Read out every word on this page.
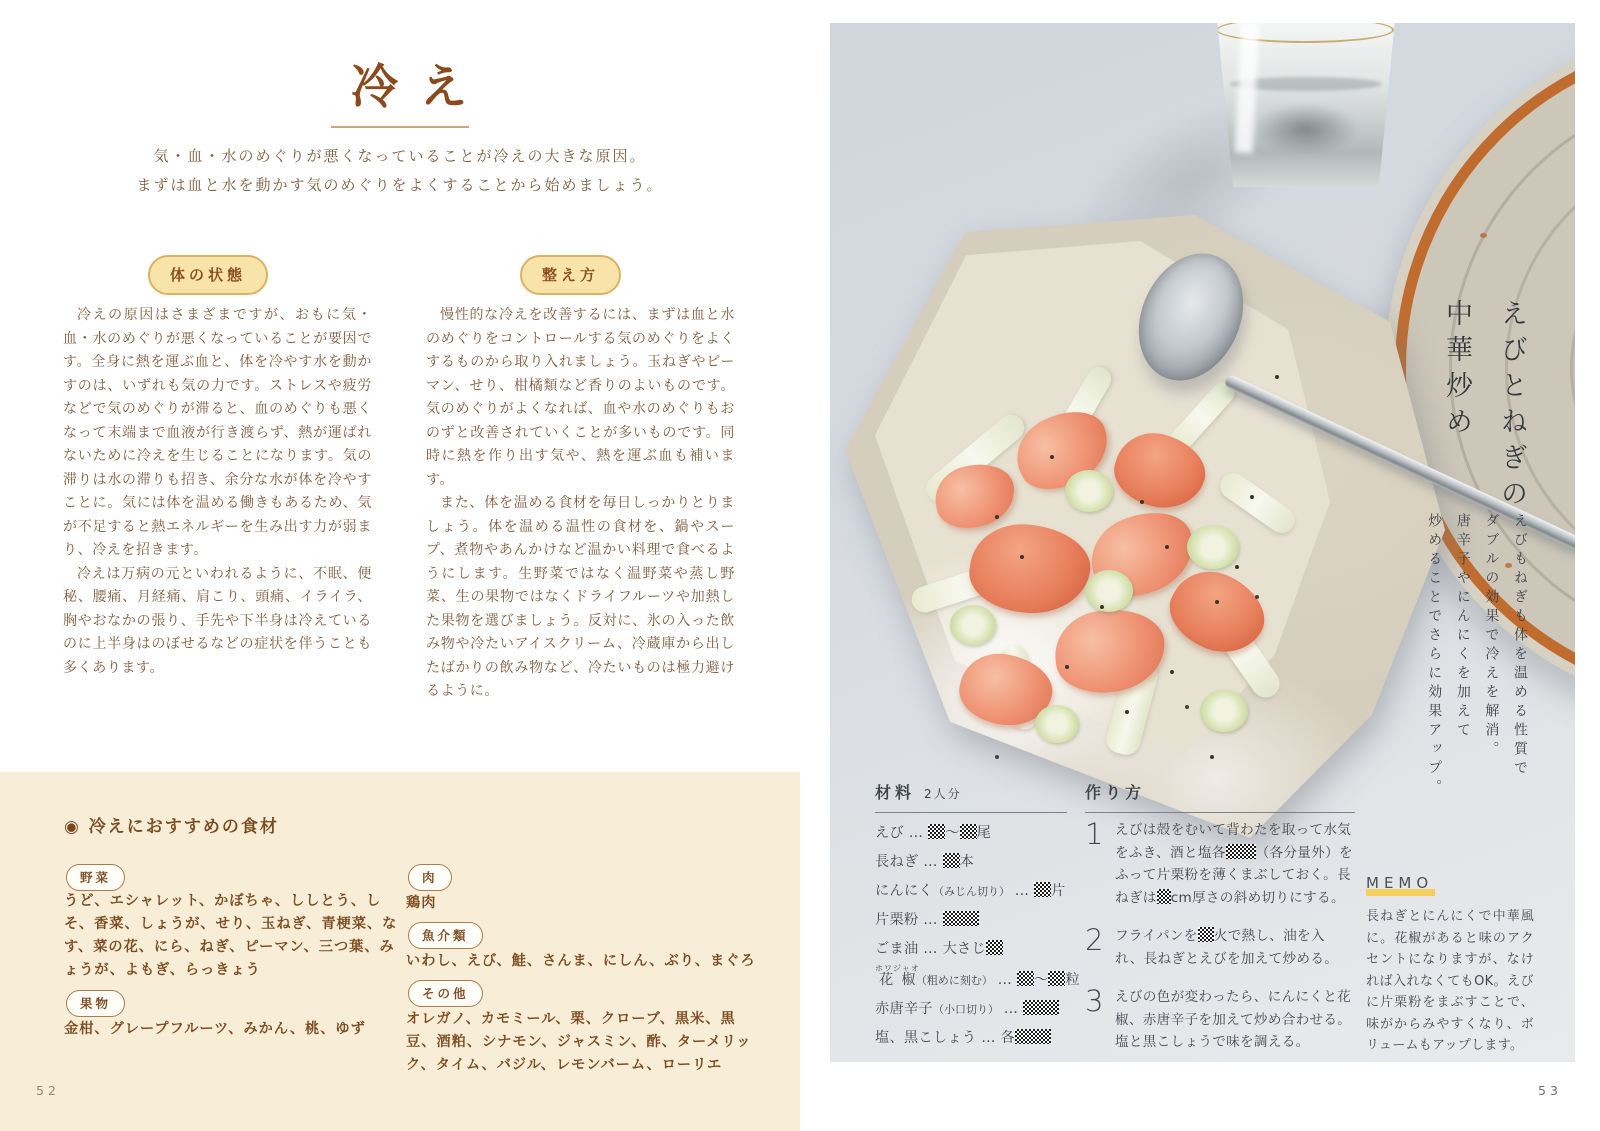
冷え

気・血・水のめぐりが悪くなっていることが冷えの大きな原因。

まずは血と水を動かす気のめぐりをよくすることから始めましょう。

体の状態	整え方

冷えの原因はさまざまですが、おもに気・血・水のめぐりが悪くなっていることが要因です。全身に熱を運ぶ血と、体を冷やす水を動かすのは、いずれも気の力です。ストレスや疲労などで気のめぐりが滞ると、血のめぐりも悪くなって末端まで血液が行き渡らず、熱が運ばれないために冷えを生じることになります。気の滞りは水の滞りも招き、余分な水が体を冷やすことに。気には体を温める働きもあるため、気が不足すると熱エネルギーを生み出す力が弱まり、冷えを招きます。

冷えは万病の元といわれるように、不眠、便秘、腰痛、月経痛、肩こり、頭痛、イライラ、胸やおなかの張り、手先や下半身は冷えているのに上半身はのぼせるなどの症状を伴うことも多くあります。

慢性的な冷えを改善するには、まずは血と水のめぐりをコントロールする気のめぐりをよくするものから取り入れましょう。玉ねぎやピーマン、せり、柑橘類など香りのよいものです。気のめぐりがよくなれば、血や水のめぐりもおのずと改善されていくことが多いものです。同時に熱を作り出す気や、熱を運ぶ血も補います。

また、体を温める食材を毎日しっかりとりましょう。体を温める温性の食材を、鍋やスープ、煮物やあんかけなど温かい料理で食べるようにします。生野菜ではなく温野菜や蒸し野菜、生の果物ではなくドライフルーツや加熱した果物を選びましょう。反対に、氷の入った飲み物や冷たいアイスクリーム、冷蔵庫から出したばかりの飲み物など、冷たいものは極力避けるように。

◉ 冷えにおすすめの食材
野菜

うど、エシャレット、かぼちゃ、ししとう、しそ、香菜、しょうが、せり、玉ねぎ、青梗菜、なす、菜の花、にら、ねぎ、ピーマン、三つ葉、みょうが、よもぎ、らっきょう

果物

金柑、グレープフルーツ、みかん、桃、ゆず

肉

鶏肉

魚介類

いわし、えび、鮭、さんま、にしん、ぶり、まぐろ

その他

オレガノ、カモミール、栗、クローブ、黒米、黒豆、酒粕、シナモン、ジャスミン、酢、ターメリック、タイム、バジル、レモンバーム、ローリエ

52

えびとねぎの

中華炒め

えびもねぎも体を温める性質で

ダブルの効果で冷えを解消。

唐辛子やにんにくを加えて

炒めることでさらに効果アップ。

材料 2人分
えび … 〜 尾
長ねぎ … 本
にんにく（みじん切り） … 片
片栗粉 …
ごま油 … 大さじ
花椒ホワジャオ（粗めに刻む） … 〜 粒
赤唐辛子（小口切り） …
塩、黒こしょう … 各
作り方
1 えびは殻をむいて背わたを取って水気をふき、酒と塩各 （各分量外）をふって片栗粉を薄くまぶしておく。長ねぎは cm厚さの斜め切りにする。
2 フライパンを 火で熱し、油を入れ、長ねぎとえびを加えて炒める。
3 えびの色が変わったら、にんにくと花椒、赤唐辛子を加えて炒め合わせる。塩と黒こしょうで味を調える。
MEMO

長ねぎとにんにくで中華風に。花椒があると味のアクセントになりますが、なければ入れなくてもOK。えびに片栗粉をまぶすことで、味がからみやすくなり、ボリュームもアップします。

53
